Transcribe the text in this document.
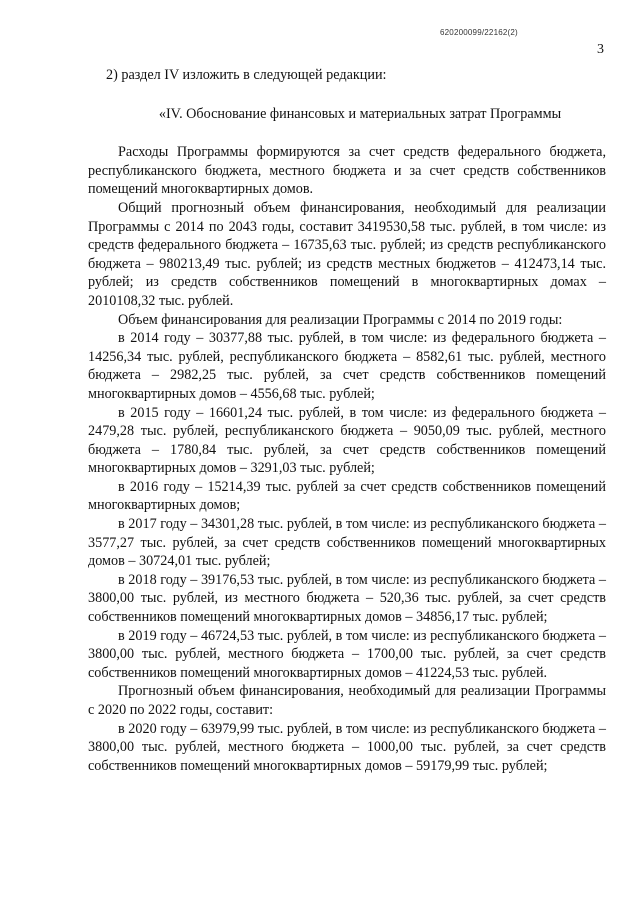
620200099/22162(2)
3

2) раздел IV изложить в следующей редакции:

«IV. Обоснование финансовых и материальных затрат Программы

Расходы Программы формируются за счет средств федерального бюджета, республиканского бюджета, местного бюджета и за счет средств собственников помещений многоквартирных домов.

Общий прогнозный объем финансирования, необходимый для реализации Программы с 2014 по 2043 годы, составит 3419530,58 тыс. рублей, в том числе: из средств федерального бюджета – 16735,63 тыс. рублей; из средств республиканского бюджета – 980213,49 тыс. рублей; из средств местных бюджетов – 412473,14 тыс. рублей; из средств собственников помещений в многоквартирных домах – 2010108,32 тыс. рублей.

Объем финансирования для реализации Программы с 2014 по 2019 годы:

в 2014 году – 30377,88 тыс. рублей, в том числе: из федерального бюджета – 14256,34 тыс. рублей, республиканского бюджета – 8582,61 тыс. рублей, местного бюджета – 2982,25 тыс. рублей, за счет средств собственников помещений многоквартирных домов – 4556,68 тыс. рублей;

в 2015 году – 16601,24 тыс. рублей, в том числе: из федерального бюджета – 2479,28 тыс. рублей, республиканского бюджета – 9050,09 тыс. рублей, местного бюджета – 1780,84 тыс. рублей, за счет средств собственников помещений многоквартирных домов – 3291,03 тыс. рублей;

в 2016 году – 15214,39 тыс. рублей за счет средств собственников помещений многоквартирных домов;

в 2017 году – 34301,28 тыс. рублей, в том числе: из республиканского бюджета – 3577,27 тыс. рублей, за счет средств собственников помещений многоквартирных домов – 30724,01 тыс. рублей;

в 2018 году – 39176,53 тыс. рублей, в том числе: из республиканского бюджета – 3800,00 тыс. рублей, из местного бюджета – 520,36 тыс. рублей, за счет средств собственников помещений многоквартирных домов – 34856,17 тыс. рублей;

в 2019 году – 46724,53 тыс. рублей, в том числе: из республиканского бюджета – 3800,00 тыс. рублей, местного бюджета – 1700,00 тыс. рублей, за счет средств собственников помещений многоквартирных домов – 41224,53 тыс. рублей.

Прогнозный объем финансирования, необходимый для реализации Программы с 2020 по 2022 годы, составит:

в 2020 году – 63979,99 тыс. рублей, в том числе: из республиканского бюджета – 3800,00 тыс. рублей, местного бюджета – 1000,00 тыс. рублей, за счет средств собственников помещений многоквартирных домов – 59179,99 тыс. рублей;
